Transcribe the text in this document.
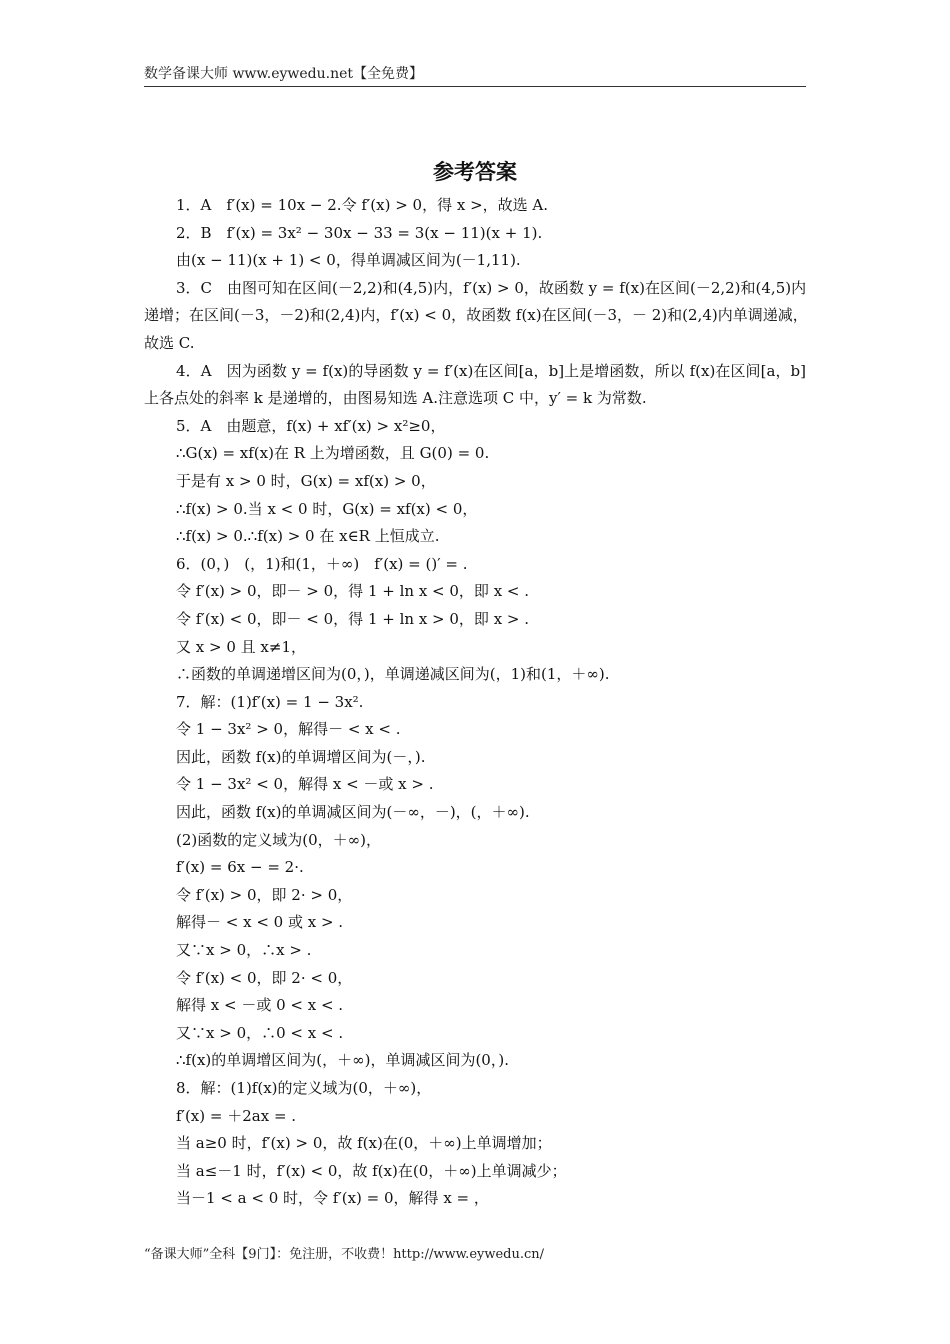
数学备课大师 www.eywedu.net【全免费】
参考答案
1．A　f′(x) = 10x − 2.令 f′(x) > 0，得 x >，故选 A.
2．B　f′(x) = 3x² − 30x − 33 = 3(x − 11)(x + 1).
由(x − 11)(x + 1) < 0，得单调减区间为(－1,11).
3．C　由图可知在区间(－2,2)和(4,5)内，f′(x) > 0，故函数 y = f(x)在区间(－2,2)和(4,5)内
递增；在区间(－3，－2)和(2,4)内，f′(x) < 0，故函数 f(x)在区间(－3，－ 2)和(2,4)内单调递减，
故选 C.
4．A　因为函数 y = f(x)的导函数 y = f′(x)在区间[a，b]上是增函数，所以 f(x)在区间[a，b]
上各点处的斜率 k 是递增的，由图易知选 A.注意选项 C 中，y′ = k 为常数.
5．A　由题意，f(x) + xf′(x) > x²≥0，
∴G(x) = xf(x)在 R 上为增函数，且 G(0) = 0.
于是有 x > 0 时，G(x) = xf(x) > 0，
∴f(x) > 0.当 x < 0 时，G(x) = xf(x) < 0，
∴f(x) > 0.∴f(x) > 0 在 x∈R 上恒成立.
6．(0，)　(，1)和(1，＋∞)　f′(x) = ()′ = .
令 f′(x) > 0，即－ > 0，得 1 + ln x < 0，即 x < .
令 f′(x) < 0，即－ < 0，得 1 + ln x > 0，即 x > .
又 x > 0 且 x≠1，
∴函数的单调递增区间为(0，)，单调递减区间为(，1)和(1，＋∞).
7．解：(1)f′(x) = 1 − 3x².
令 1 − 3x² > 0，解得－ < x < .
因此，函数 f(x)的单调增区间为(－，).
令 1 − 3x² < 0，解得 x < －或 x > .
因此，函数 f(x)的单调减区间为(－∞，－)，(，＋∞).
(2)函数的定义域为(0，＋∞)，
f′(x) = 6x − = 2·.
令 f′(x) > 0，即 2· > 0，
解得－ < x < 0 或 x > .
又∵x > 0，∴x > .
令 f′(x) < 0，即 2· < 0，
解得 x < －或 0 < x < .
又∵x > 0，∴0 < x < .
∴f(x)的单调增区间为(，＋∞)，单调减区间为(0，).
8．解：(1)f(x)的定义域为(0，＋∞)，
f′(x) = ＋2ax = .
当 a≥0 时，f′(x) > 0，故 f(x)在(0，＋∞)上单调增加；
当 a≤－1 时，f′(x) < 0，故 f(x)在(0，＋∞)上单调减少；
当－1 < a < 0 时，令 f′(x) = 0，解得 x = ，
“备课大师”全科【9门】：免注册，不收费！http://www.eywedu.cn/
